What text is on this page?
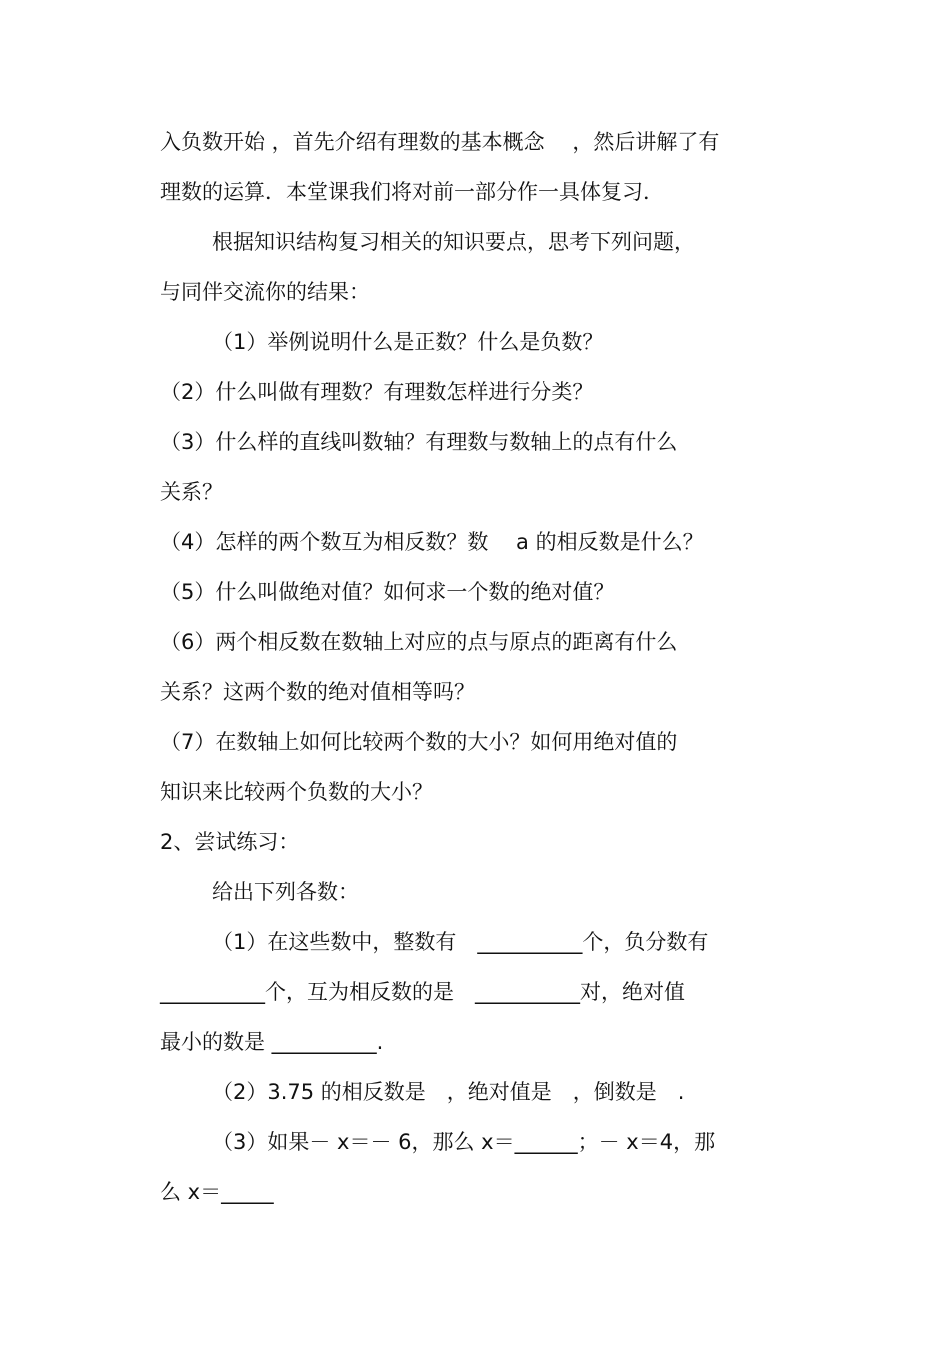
入负数开始 ，首先介绍有理数的基本概念　 ，然后讲解了有
理数的运算．本堂课我们将对前一部分作一具体复习．
根据知识结构复习相关的知识要点，思考下列问题，
与同伴交流你的结果：
（1）举例说明什么是正数？什么是负数？
（2）什么叫做有理数？有理数怎样进行分类？
（3）什么样的直线叫数轴？有理数与数轴上的点有什么
关系？
（4）怎样的两个数互为相反数？数　 a 的相反数是什么？
（5）什么叫做绝对值？如何求一个数的绝对值？
（6）两个相反数在数轴上对应的点与原点的距离有什么
关系？这两个数的绝对值相等吗？
（7）在数轴上如何比较两个数的大小？如何用绝对值的
知识来比较两个负数的大小？
2、尝试练习：
给出下列各数：
（1）在这些数中，整数有　__________个，负分数有
__________个，互为相反数的是　__________对，绝对值
最小的数是 __________.
（2）3.75 的相反数是　，绝对值是　，倒数是　.
（3）如果－ x＝－ 6，那么 x＝______；－ x＝4，那
么 x＝_____
